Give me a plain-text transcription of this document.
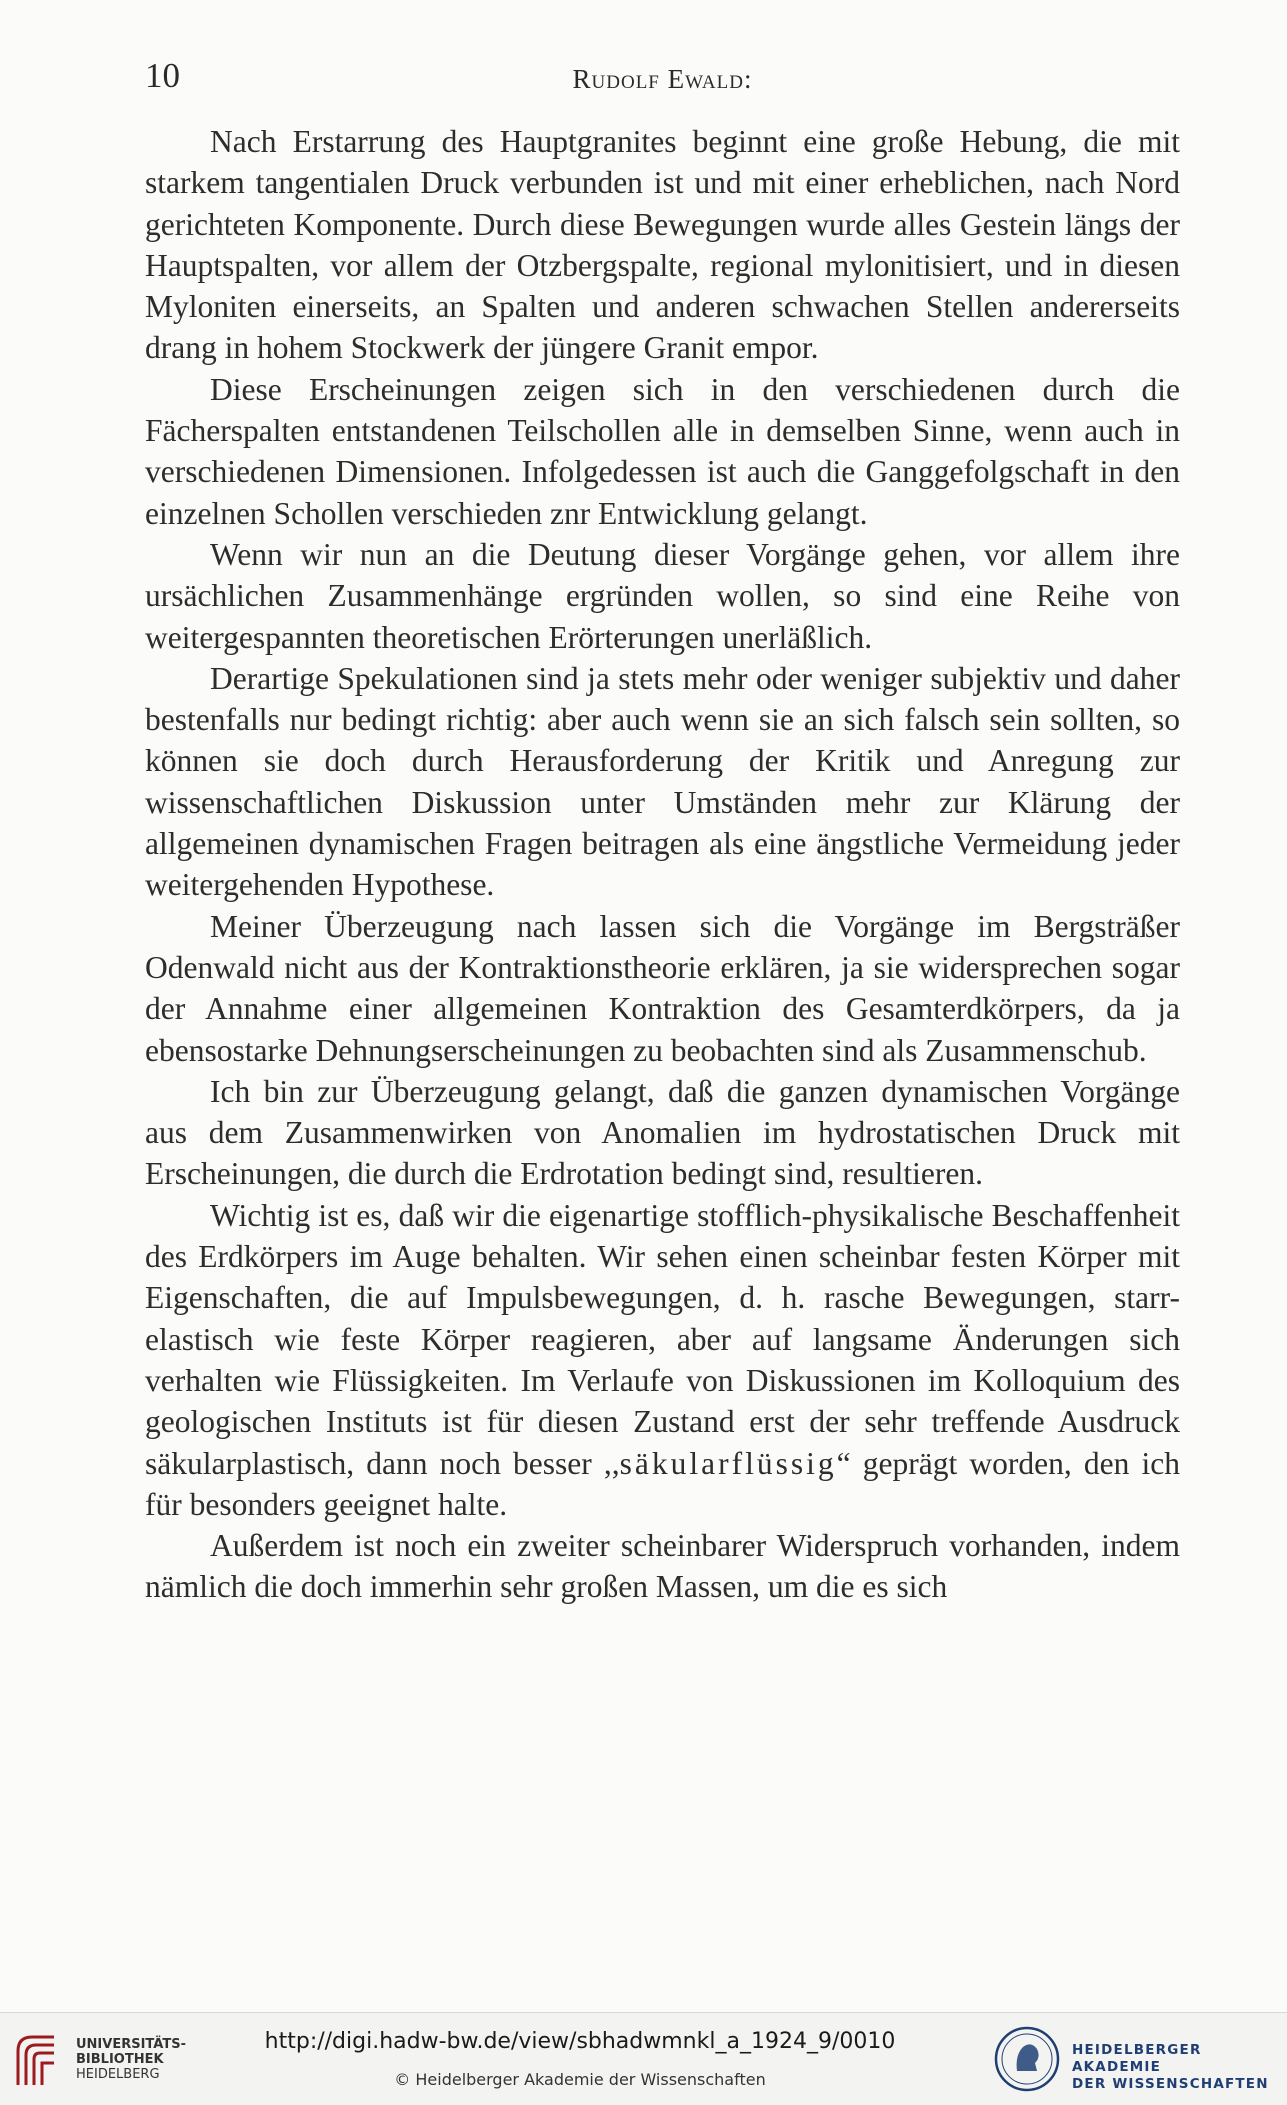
10	Rudolf Ewald:

Nach Erstarrung des Hauptgranites beginnt eine große Hebung, die mit starkem tangentialen Druck verbunden ist und mit einer erheblichen, nach Nord gerichteten Komponente. Durch diese Bewegungen wurde alles Gestein längs der Hauptspalten, vor allem der Otzbergspalte, regional mylonitisiert, und in diesen Myloniten einerseits, an Spalten und anderen schwachen Stellen andererseits drang in hohem Stockwerk der jüngere Granit empor.

Diese Erscheinungen zeigen sich in den verschiedenen durch die Fächerspalten entstandenen Teilschollen alle in demselben Sinne, wenn auch in verschiedenen Dimensionen. Infolgedessen ist auch die Ganggefolgschaft in den einzelnen Schollen verschieden znr Entwicklung gelangt.

Wenn wir nun an die Deutung dieser Vorgänge gehen, vor allem ihre ursächlichen Zusammenhänge ergründen wollen, so sind eine Reihe von weitergespannten theoretischen Erörterungen unerläßlich.

Derartige Spekulationen sind ja stets mehr oder weniger subjektiv und daher bestenfalls nur bedingt richtig: aber auch wenn sie an sich falsch sein sollten, so können sie doch durch Herausforderung der Kritik und Anregung zur wissenschaftlichen Diskussion unter Umständen mehr zur Klärung der allgemeinen dynamischen Fragen beitragen als eine ängstliche Vermeidung jeder weitergehenden Hypothese.

Meiner Überzeugung nach lassen sich die Vorgänge im Bergsträßer Odenwald nicht aus der Kontraktionstheorie erklären, ja sie widersprechen sogar der Annahme einer allgemeinen Kontraktion des Gesamterdkörpers, da ja ebensostarke Dehnungserscheinungen zu beobachten sind als Zusammenschub.

Ich bin zur Überzeugung gelangt, daß die ganzen dynamischen Vorgänge aus dem Zusammenwirken von Anomalien im hydrostatischen Druck mit Erscheinungen, die durch die Erdrotation bedingt sind, resultieren.

Wichtig ist es, daß wir die eigenartige stofflich-physikalische Beschaffenheit des Erdkörpers im Auge behalten. Wir sehen einen scheinbar festen Körper mit Eigenschaften, die auf Impulsbewegungen, d. h. rasche Bewegungen, starr-elastisch wie feste Körper reagieren, aber auf langsame Änderungen sich verhalten wie Flüssigkeiten. Im Verlaufe von Diskussionen im Kolloquium des geologischen Instituts ist für diesen Zustand erst der sehr treffende Ausdruck säkularplastisch, dann noch besser ,,säkularflüssig“ geprägt worden, den ich für besonders geeignet halte.

Außerdem ist noch ein zweiter scheinbarer Widerspruch vorhanden, indem nämlich die doch immerhin sehr großen Massen, um die es sich

UNIVERSITÄTS-
BIBLIOTHEK
HEIDELBERG
http://digi.hadw-bw.de/view/sbhadwmnkl_a_1924_9/0010
© Heidelberger Akademie der Wissenschaften
HEIDELBERGER AKADEMIE
DER WISSENSCHAFTEN
